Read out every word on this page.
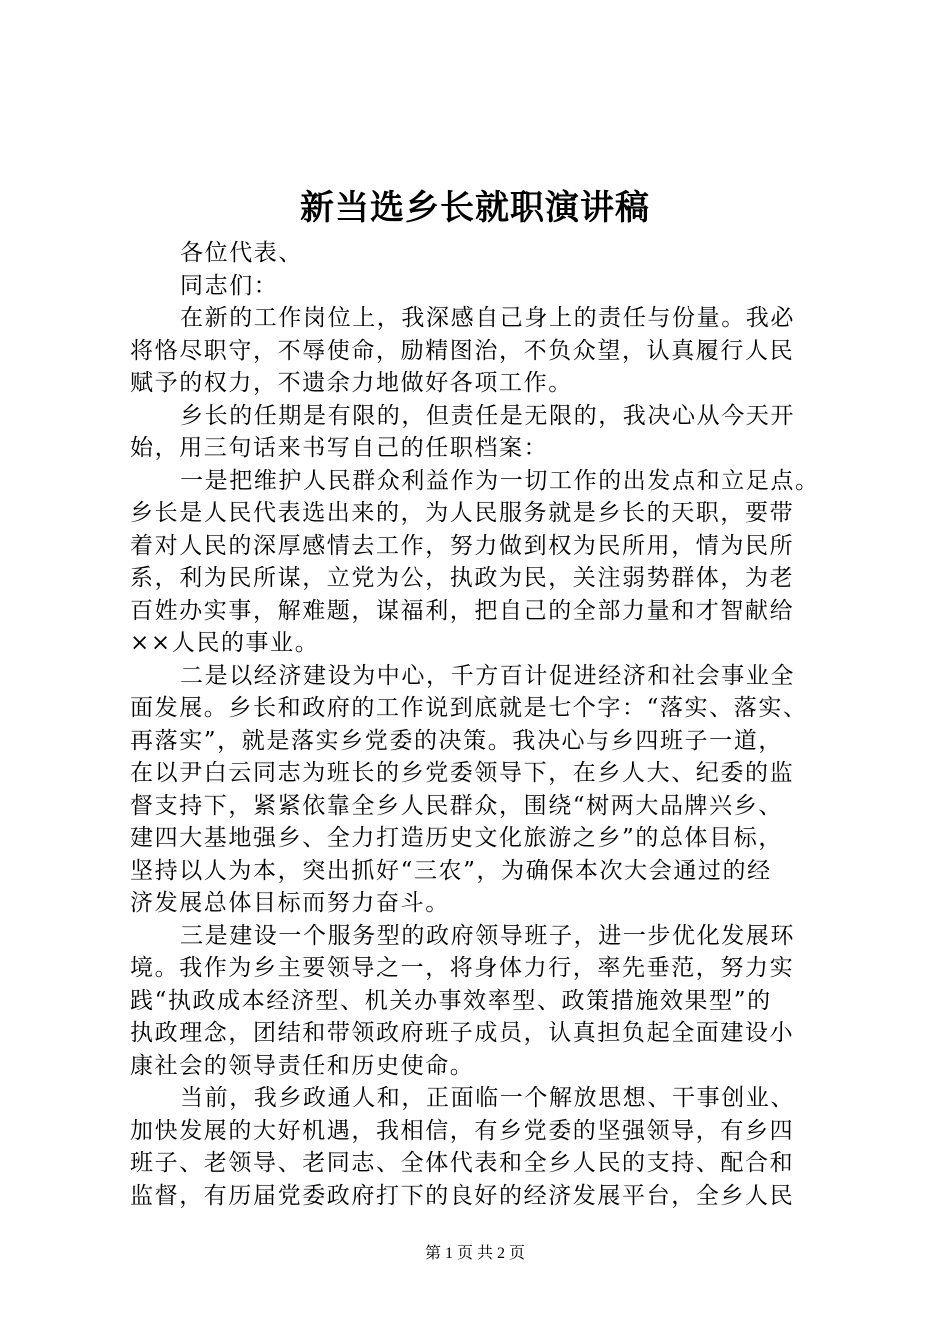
新当选乡长就职演讲稿
各位代表、
同志们：
在新的工作岗位上，我深感自己身上的责任与份量。我必
将恪尽职守，不辱使命，励精图治，不负众望，认真履行人民
赋予的权力，不遗余力地做好各项工作。
乡长的任期是有限的，但责任是无限的，我决心从今天开
始，用三句话来书写自己的任职档案：
一是把维护人民群众利益作为一切工作的出发点和立足点。
乡长是人民代表选出来的，为人民服务就是乡长的天职，要带
着对人民的深厚感情去工作，努力做到权为民所用，情为民所
系，利为民所谋，立党为公，执政为民，关注弱势群体，为老
百姓办实事，解难题，谋福利，把自己的全部力量和才智献给
××人民的事业。
二是以经济建设为中心，千方百计促进经济和社会事业全
面发展。乡长和政府的工作说到底就是七个字：“落实、落实、
再落实”，就是落实乡党委的决策。我决心与乡四班子一道，
在以尹白云同志为班长的乡党委领导下，在乡人大、纪委的监
督支持下，紧紧依靠全乡人民群众，围绕“树两大品牌兴乡、
建四大基地强乡、全力打造历史文化旅游之乡”的总体目标，
坚持以人为本，突出抓好“三农”，为确保本次大会通过的经
济发展总体目标而努力奋斗。
三是建设一个服务型的政府领导班子，进一步优化发展环
境。我作为乡主要领导之一，将身体力行，率先垂范，努力实
践“执政成本经济型、机关办事效率型、政策措施效果型”的
执政理念，团结和带领政府班子成员，认真担负起全面建设小
康社会的领导责任和历史使命。
当前，我乡政通人和，正面临一个解放思想、干事创业、
加快发展的大好机遇，我相信，有乡党委的坚强领导，有乡四
班子、老领导、老同志、全体代表和全乡人民的支持、配合和
监督，有历届党委政府打下的良好的经济发展平台，全乡人民
第 1 页 共 2 页
